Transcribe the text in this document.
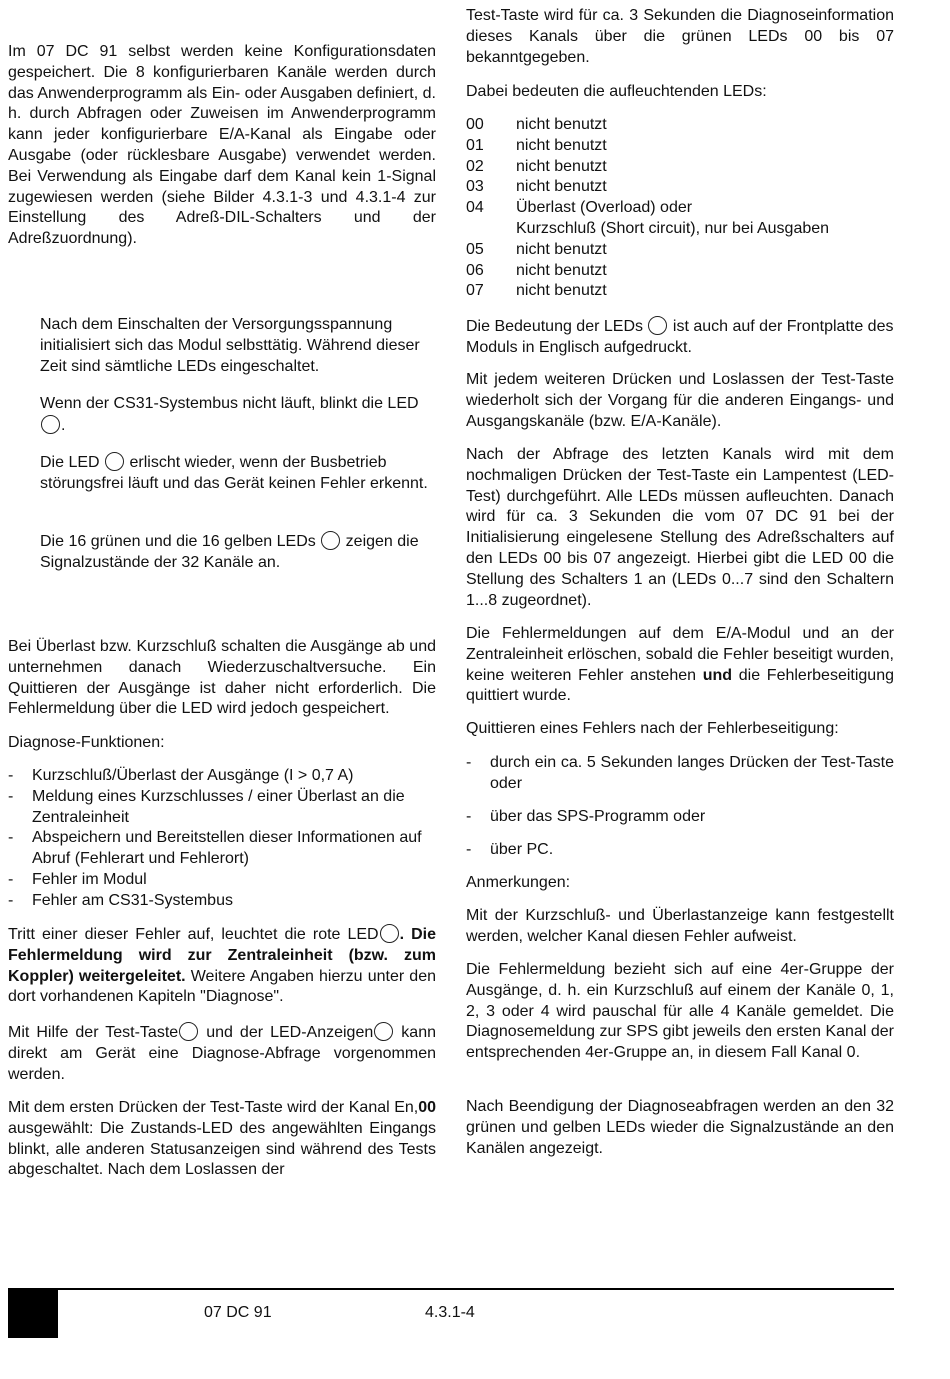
Im 07 DC 91 selbst werden keine Konfigurationsdaten gespeichert. Die 8 konfigurierbaren Kanäle werden durch das Anwenderprogramm als Ein- oder Ausgaben definiert, d. h. durch Abfragen oder Zuweisen im Anwenderprogramm kann jeder konfigurierbare E/A-Kanal als Eingabe oder Ausgabe (oder rücklesbare Ausgabe) verwendet werden. Bei Verwendung als Eingabe darf dem Kanal kein 1-Signal zugewiesen werden (siehe Bilder 4.3.1-3 und 4.3.1-4 zur Einstellung des Adreß-DIL-Schalters und der Adreßzuordnung).

Nach dem Einschalten der Versorgungsspannung initialisiert sich das Modul selbsttätig. Während dieser Zeit sind sämtliche LEDs eingeschaltet.

Wenn der CS31-Systembus nicht läuft, blinkt die LED .

Die LED erlischt wieder, wenn der Busbetrieb störungsfrei läuft und das Gerät keinen Fehler erkennt.

Die 16 grünen und die 16 gelben LEDs zeigen die Signalzustände der 32 Kanäle an.

Bei Überlast bzw. Kurzschluß schalten die Ausgänge ab und unternehmen danach Wiederzuschaltversuche. Ein Quittieren der Ausgänge ist daher nicht erforderlich. Die Fehlermeldung über die LED wird jedoch gespeichert.

Diagnose-Funktionen:

- Kurzschluß/Überlast der Ausgänge (I > 0,7 A)
- Meldung eines Kurzschlusses / einer Überlast an die Zentraleinheit
- Abspeichern und Bereitstellen dieser Informationen auf Abruf (Fehlerart und Fehlerort)
- Fehler im Modul
- Fehler am CS31-Systembus

Tritt einer dieser Fehler auf, leuchtet die rote LED . Die Fehlermeldung wird zur Zentraleinheit (bzw. zum Koppler) weitergeleitet. Weitere Angaben hierzu unter den dort vorhandenen Kapiteln "Diagnose".

Mit Hilfe der Test-Taste und der LED-Anzeigen kann direkt am Gerät eine Diagnose-Abfrage vorgenommen werden.

Mit dem ersten Drücken der Test-Taste wird der Kanal En,00 ausgewählt: Die Zustands-LED des angewählten Eingangs blinkt, alle anderen Statusanzeigen sind während des Tests abgeschaltet. Nach dem Loslassen der

Test-Taste wird für ca. 3 Sekunden die Diagnoseinformation dieses Kanals über die grünen LEDs 00 bis 07 bekanntgegeben.

Dabei bedeuten die aufleuchtenden LEDs:

00	nicht benutzt
01	nicht benutzt
02	nicht benutzt
03	nicht benutzt
04	Überlast (Overload) oder
Kurzschluß (Short circuit), nur bei Ausgaben
05	nicht benutzt
06	nicht benutzt
07	nicht benutzt

Die Bedeutung der LEDs ist auch auf der Frontplatte des Moduls in Englisch aufgedruckt.

Mit jedem weiteren Drücken und Loslassen der Test-Taste wiederholt sich der Vorgang für die anderen Eingangs- und Ausgangskanäle (bzw. E/A-Kanäle).

Nach der Abfrage des letzten Kanals wird mit dem nochmaligen Drücken der Test-Taste ein Lampentest (LED-Test) durchgeführt. Alle LEDs müssen aufleuchten. Danach wird für ca. 3 Sekunden die vom 07 DC 91 bei der Initialisierung eingelesene Stellung des Adreßschalters auf den LEDs 00 bis 07 angezeigt. Hierbei gibt die LED 00 die Stellung des Schalters 1 an (LEDs 0...7 sind den Schaltern 1...8 zugeordnet).

Die Fehlermeldungen auf dem E/A-Modul und an der Zentraleinheit erlöschen, sobald die Fehler beseitigt wurden, keine weiteren Fehler anstehen und die Fehlerbeseitigung quittiert wurde.

Quittieren eines Fehlers nach der Fehlerbeseitigung:

- durch ein ca. 5 Sekunden langes Drücken der Test-Taste oder
- über das SPS-Programm oder
- über PC.

Anmerkungen:

Mit der Kurzschluß- und Überlastanzeige kann festgestellt werden, welcher Kanal diesen Fehler aufweist.

Die Fehlermeldung bezieht sich auf eine 4er-Gruppe der Ausgänge, d. h. ein Kurzschluß auf einem der Kanäle 0, 1, 2, 3 oder 4 wird pauschal für alle 4 Kanäle gemeldet. Die Diagnosemeldung zur SPS gibt jeweils den ersten Kanal der entsprechenden 4er-Gruppe an, in diesem Fall Kanal 0.

Nach Beendigung der Diagnoseabfragen werden an den 32 grünen und gelben LEDs wieder die Signalzustände an den Kanälen angezeigt.

07 DC 91	4.3.1-4
